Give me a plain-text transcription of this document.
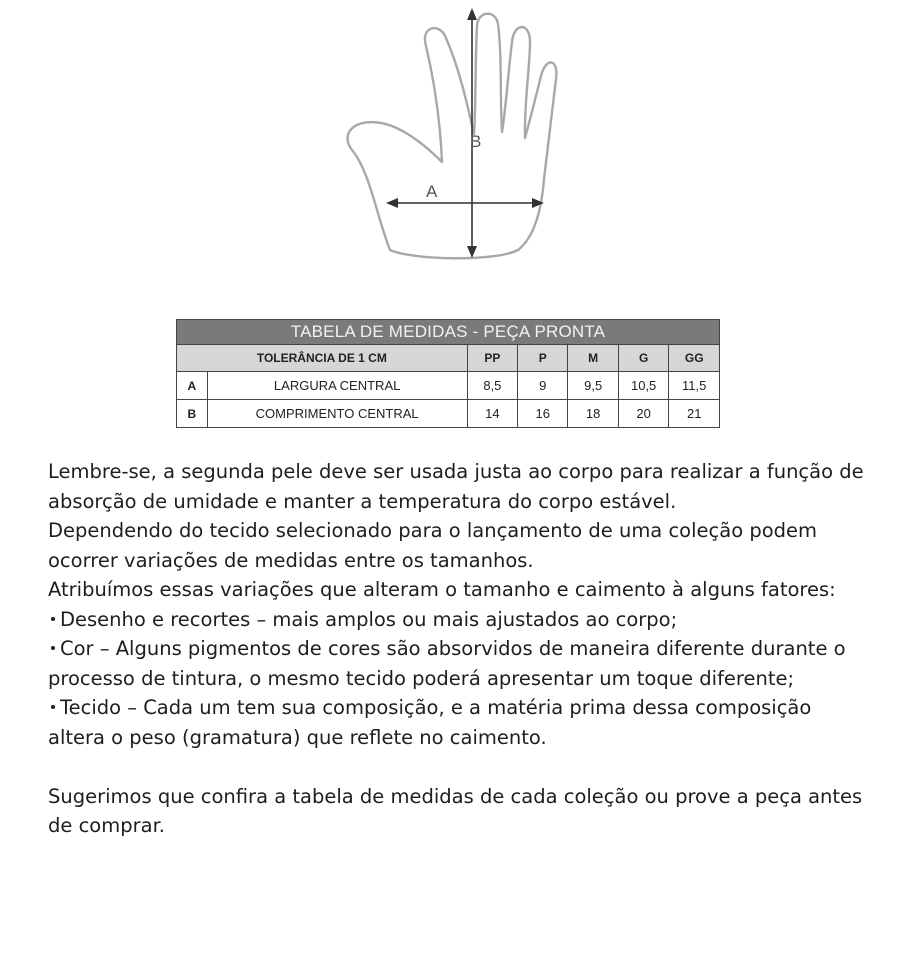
A
B
TABELA DE MEDIDAS - PEÇA PRONTA						
TOLERÂNCIA DE 1 CM		PP	P	M	G	GG
A	LARGURA CENTRAL	8,5	9	9,5	10,5	11,5
B	COMPRIMENTO CENTRAL	14	16	18	20	21

Lembre-se, a segunda pele deve ser usada justa ao corpo para realizar a função de absorção de umidade e manter a temperatura do corpo estável.

Dependendo do tecido selecionado para o lançamento de uma coleção podem ocorrer variações de medidas entre os tamanhos.

Atribuímos essas variações que alteram o tamanho e caimento à alguns fatores:

Desenho e recortes – mais amplos ou mais ajustados ao corpo;

Cor – Alguns pigmentos de cores são absorvidos de maneira diferente durante o processo de tintura, o mesmo tecido poderá apresentar um toque diferente;

Tecido – Cada um tem sua composição, e a matéria prima dessa composição altera o peso (gramatura) que reflete no caimento.

Sugerimos que confira a tabela de medidas de cada coleção ou prove a peça antes de comprar.
